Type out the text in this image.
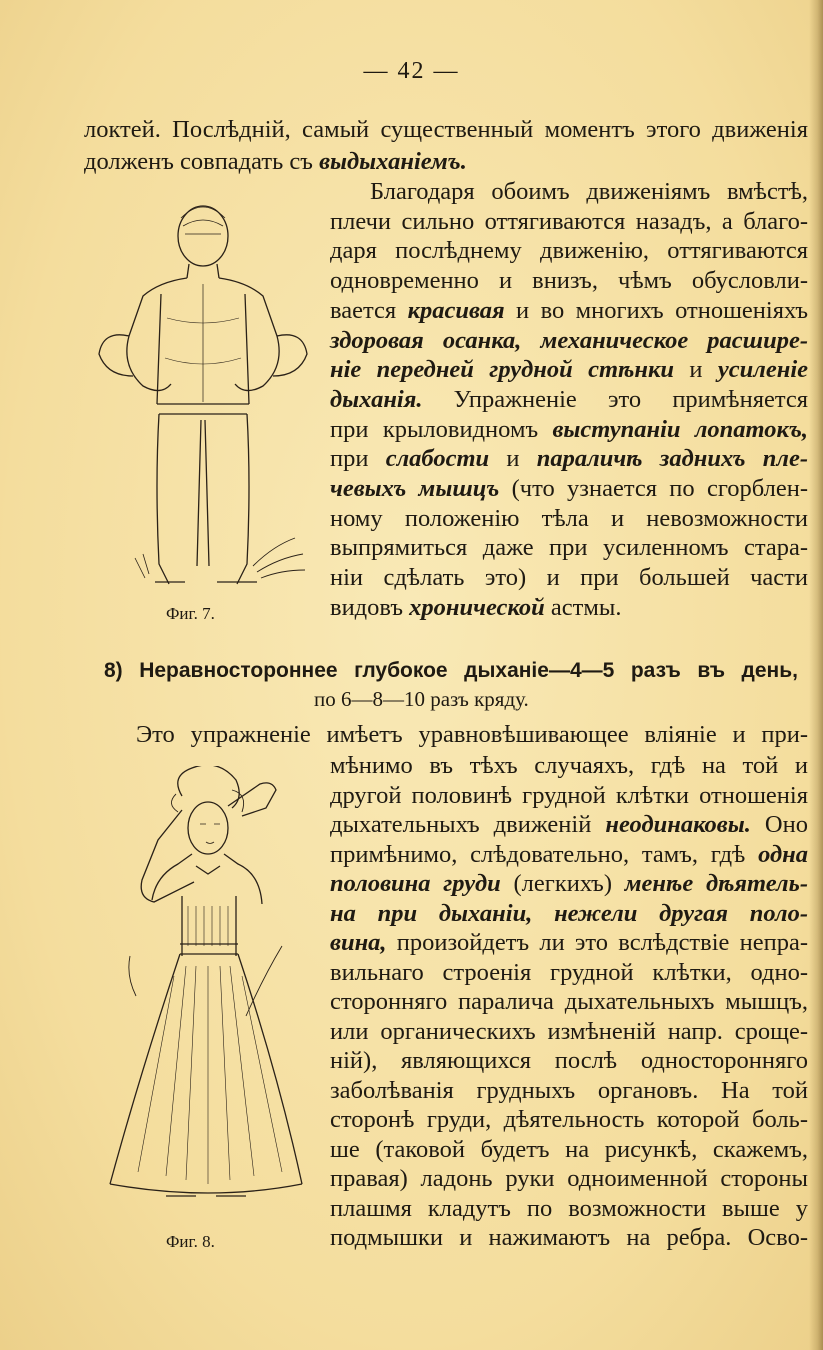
— 42 —
локтей. Послѣднiй, самый существенный моментъ этого движенiя
долженъ совпадать съ выдыханiемъ.
Фиг. 7.
Благодаря обоимъ движенiямъ вмѣстѣ,
плечи сильно оттягиваются назадъ, а благо-
даря послѣднему движенiю, оттягиваются
одновременно и внизъ, чѣмъ обусловли-
вается красивая и во многихъ отношенiяхъ
здоровая осанка, механическое расшире-
нiе передней грудной стѣнки и усиленiе
дыханiя. Упражненiе это примѣняется
при крыловидномъ выступанiи лопатокъ,
при слабости и параличѣ заднихъ пле-
чевыхъ мышцъ (что узнается по сгорблен-
ному положенiю тѣла и невозможности
выпрямиться даже при усиленномъ стара-
нiи сдѣлать это) и при большей части
видовъ хронической астмы.
8) Неравностороннее глубокое дыханiе—4—5 разъ въ день,
по 6—8—10 разъ кряду.
Это упражненiе имѣетъ уравновѣшивающее влiянiе и при-
Фиг. 8.
мѣнимо въ тѣхъ случаяхъ, гдѣ на той и
другой половинѣ грудной клѣтки отношенiя
дыхательныхъ движенiй неодинаковы. Оно
примѣнимо, слѣдовательно, тамъ, гдѣ одна
половина груди (легкихъ) менѣе дѣятель-
на при дыханiи, нежели другая поло-
вина, произойдетъ ли это вслѣдствiе непра-
вильнаго строенiя грудной клѣтки, одно-
сторонняго паралича дыхательныхъ мышцъ,
или органическихъ измѣненiй напр. сроще-
нiй), являющихся послѣ односторонняго
заболѣванiя грудныхъ органовъ. На той
сторонѣ груди, дѣятельность которой боль-
ше (таковой будетъ на рисункѣ, скажемъ,
правая) ладонь руки одноименной стороны
плашмя кладутъ по возможности выше у
подмышки и нажимаютъ на ребра. Осво-
